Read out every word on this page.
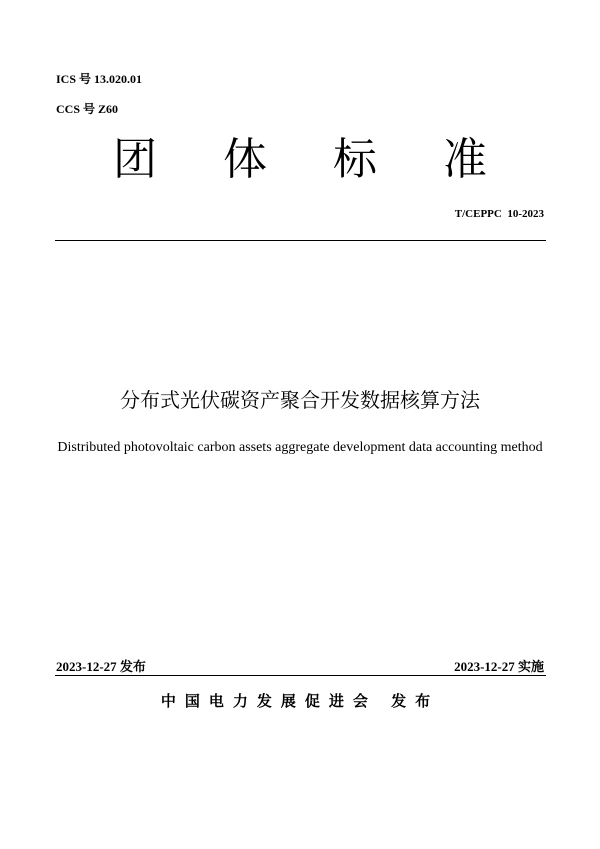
ICS 号 13.020.01
CCS 号 Z60
团 体 标 准
T/CEPPC  10-2023
分布式光伏碳资产聚合开发数据核算方法
Distributed photovoltaic carbon assets aggregate development data accounting method
2023-12-27 发布	2023-12-27 实施
中国电力发展促进会 发布
